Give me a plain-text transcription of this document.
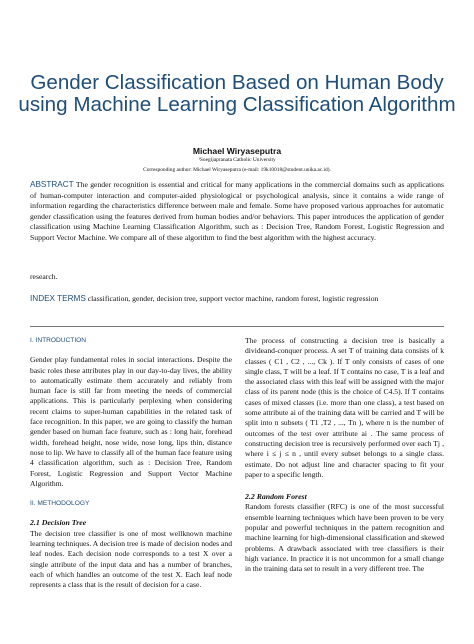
Gender Classification Based on Human Body using Machine Learning Classification Algorithm

Michael Wiryaseputra

¹Soegijapranata Catholic University

Corresponding author: Michael Wiryaseputra (e-mail: 19k10018@student.unika.ac.id).

ABSTRACT The gender recognition is essential and critical for many applications in the commercial domains such as applications of human-computer interaction and computer-aided physiological or psychological analysis, since it contains a wide range of information regarding the characteristics difference between male and female. Some have proposed various approaches for automatic gender classification using the features derived from human bodies and/or behaviors. This paper introduces the application of gender classification using Machine Learning Classification Algorithm, such as : Decision Tree, Random Forest, Logistic Regression and Support Vector Machine. We compare all of these algorithm to find the best algorithm with the highest accuracy.

research.

INDEX TERMS classification, gender, decision tree, support vector machine, random forest, logistic regression

I. INTRODUCTION

Gender play fundamental roles in social interactions. Despite the basic roles these attributes play in our day-to-day lives, the ability to automatically estimate them accurately and reliably from human face is still far from meeting the needs of commercial applications. This is particularly perplexing when considering recent claims to super-human capabilities in the related task of face recognition. In this paper, we are going to classify the human gender based on human face feature, such as : long hair, forehead width, forehead height, nose wide, nose long, lips thin, distance nose to lip. We have to classify all of the human face feature using 4 classification algorithm, such as : Decision Tree, Random Forest, Logistic Regression and Support Vector Machine Algorithm.

II. METHODOLOGY
2.1 Decision Tree

The decision tree classifier is one of most wellknown machine learning techniques. A decision tree is made of decision nodes and leaf nodes. Each decision node corresponds to a test X over a single attribute of the input data and has a number of branches, each of which handles an outcome of the test X. Each leaf node represents a class that is the result of decision for a case.

The process of constructing a decision tree is basically a divideand-conquer process. A set T of training data consists of k classes ( C1 , C2 , ..., Ck ). If T only consists of cases of one single class, T will be a leaf. If T contains no case, T is a leaf and the associated class with this leaf will be assigned with the major class of its parent node (this is the choice of C4.5). If T contains cases of mixed classes (i.e. more than one class), a test based on some attribute ai of the training data will be carried and T will be split into n subsets ( T1 ,T2 , ..., Tn ), where n is the number of outcomes of the test over attribute ai . The same process of constructing decision tree is recursively performed over each Tj , where i ≤ j ≤ n , until every subset belongs to a single class. estimate. Do not adjust line and character spacing to fit your paper to a specific length.

2.2 Random Forest

Random forests classifier (RFC) is one of the most successful ensemble learning techniques which have been proven to be very popular and powerful techniques in the pattern recognition and machine learning for high-dimensional classification and skewed problems. A drawback associated with tree classifiers is their high variance. In practice it is not uncommon for a small change in the training data set to result in a very different tree. The
